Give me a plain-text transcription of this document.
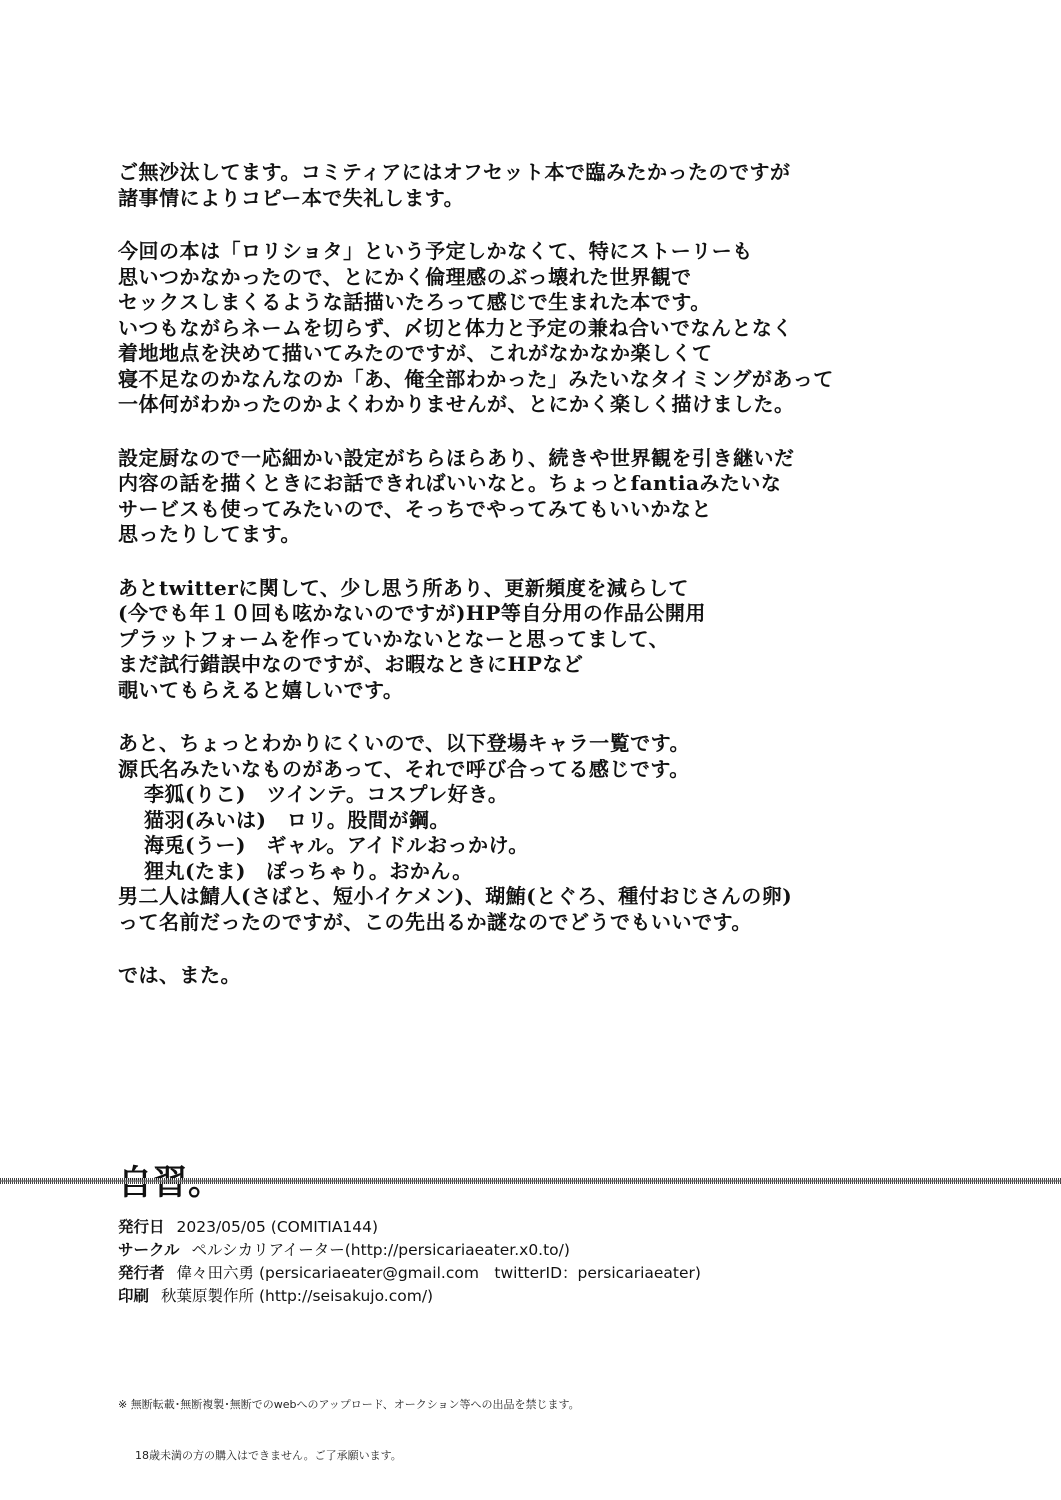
ご無沙汰してます。コミティアにはオフセット本で臨みたかったのですが
諸事情によりコピー本で失礼します。
今回の本は「ロリショタ」という予定しかなくて、特にストーリーも
思いつかなかったので、とにかく倫理感のぶっ壊れた世界観で
セックスしまくるような話描いたろって感じで生まれた本です。
いつもながらネームを切らず、〆切と体力と予定の兼ね合いでなんとなく
着地地点を決めて描いてみたのですが、これがなかなか楽しくて
寝不足なのかなんなのか「あ、俺全部わかった」みたいなタイミングがあって
一体何がわかったのかよくわかりませんが、とにかく楽しく描けました。
設定厨なので一応細かい設定がちらほらあり、続きや世界観を引き継いだ
内容の話を描くときにお話できればいいなと。ちょっとfantiaみたいな
サービスも使ってみたいので、そっちでやってみてもいいかなと
思ったりしてます。
あとtwitterに関して、少し思う所あり、更新頻度を減らして
(今でも年１０回も呟かないのですが)HP等自分用の作品公開用
プラットフォームを作っていかないとなーと思ってまして、
まだ試行錯誤中なのですが、お暇なときにHPなど
覗いてもらえると嬉しいです。
あと、ちょっとわかりにくいので、以下登場キャラ一覧です。
源氏名みたいなものがあって、それで呼び合ってる感じです。
李狐(りこ)　ツインテ。コスプレ好き。
猫羽(みいは)　ロリ。股間が鋼。
海兎(うー)　ギャル。アイドルおっかけ。
狸丸(たま)　ぽっちゃり。おかん。
男二人は鯖人(さばと、短小イケメン)、瑚鮪(とぐろ、種付おじさんの卵)
って名前だったのですが、この先出るか謎なのでどうでもいいです。
では、また。
発行日 2023/05/05 (COMITIA144)
サークル ペルシカリアイーター(http://persicariaeater.x0.to/)
発行者 偉々田六勇 (persicariaeater@gmail.com　twitterID：persicariaeater)
印刷 秋葉原製作所 (http://seisakujo.com/)

※ 無断転載･無断複製･無断でのwebへのアップロード、オークション等への出品を禁じます。

18歳未満の方の購入はできません。ご了承願います。
